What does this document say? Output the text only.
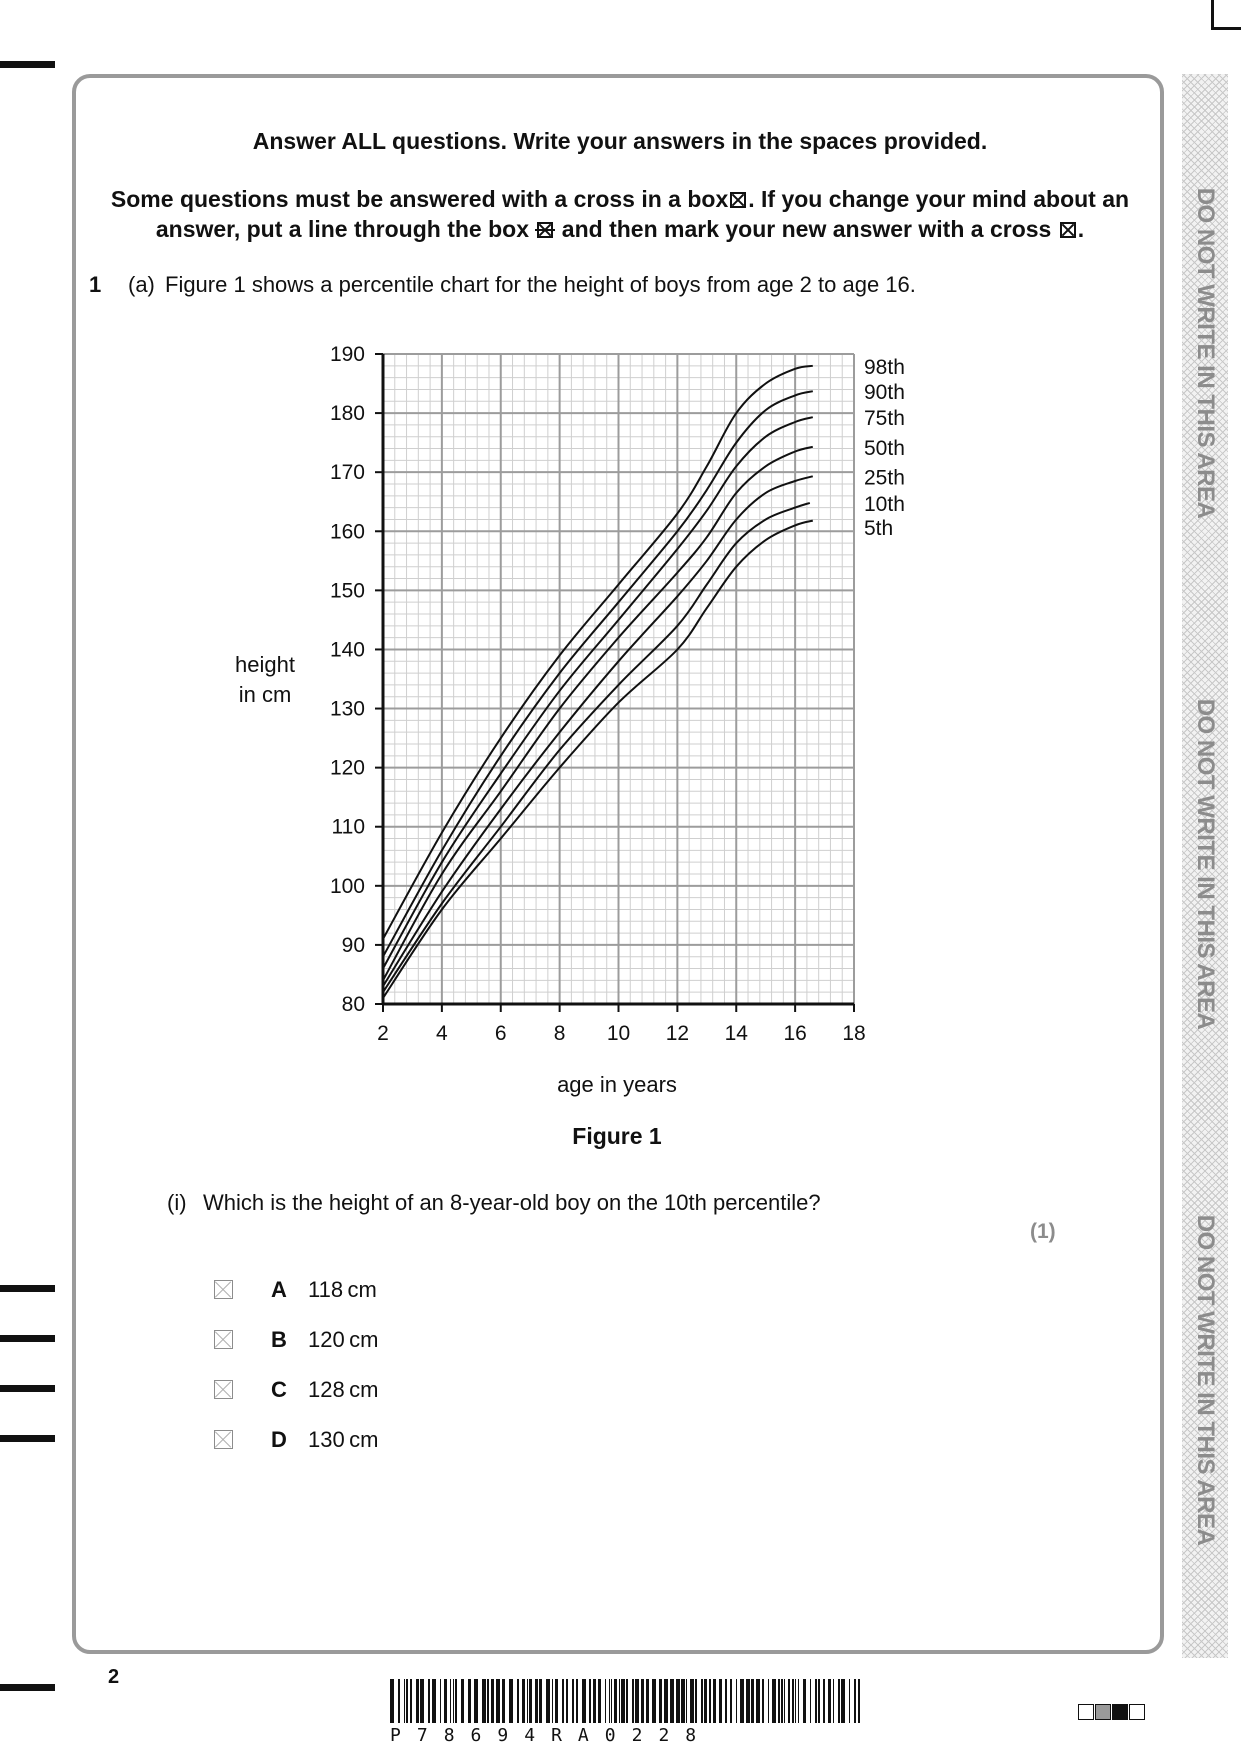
DO NOT WRITE IN THIS AREA
DO NOT WRITE IN THIS AREA
DO NOT WRITE IN THIS AREA
Answer ALL questions. Write your answers in the spaces provided.
Some questions must be answered with a cross in a box ☒ . If you change your mind about an
answer, put a line through the box and then mark your new answer with a cross ☒ .
1 (a) Figure 1 shows a percentile chart for the height of boys from age 2 to age 16.
2 4 6 8 10 12 14 16 18
80
90
100
110
120
130
140
150
160
170
180
190
98th
90th
75th
50th
25th
10th
5th
height
in cm
age in years
Figure 1
(i) Which is the height of an 8-year-old boy on the 10th percentile?
(1)
A 118 cm
B 120 cm
C 128 cm
D 130 cm
2
P78694RA0228
